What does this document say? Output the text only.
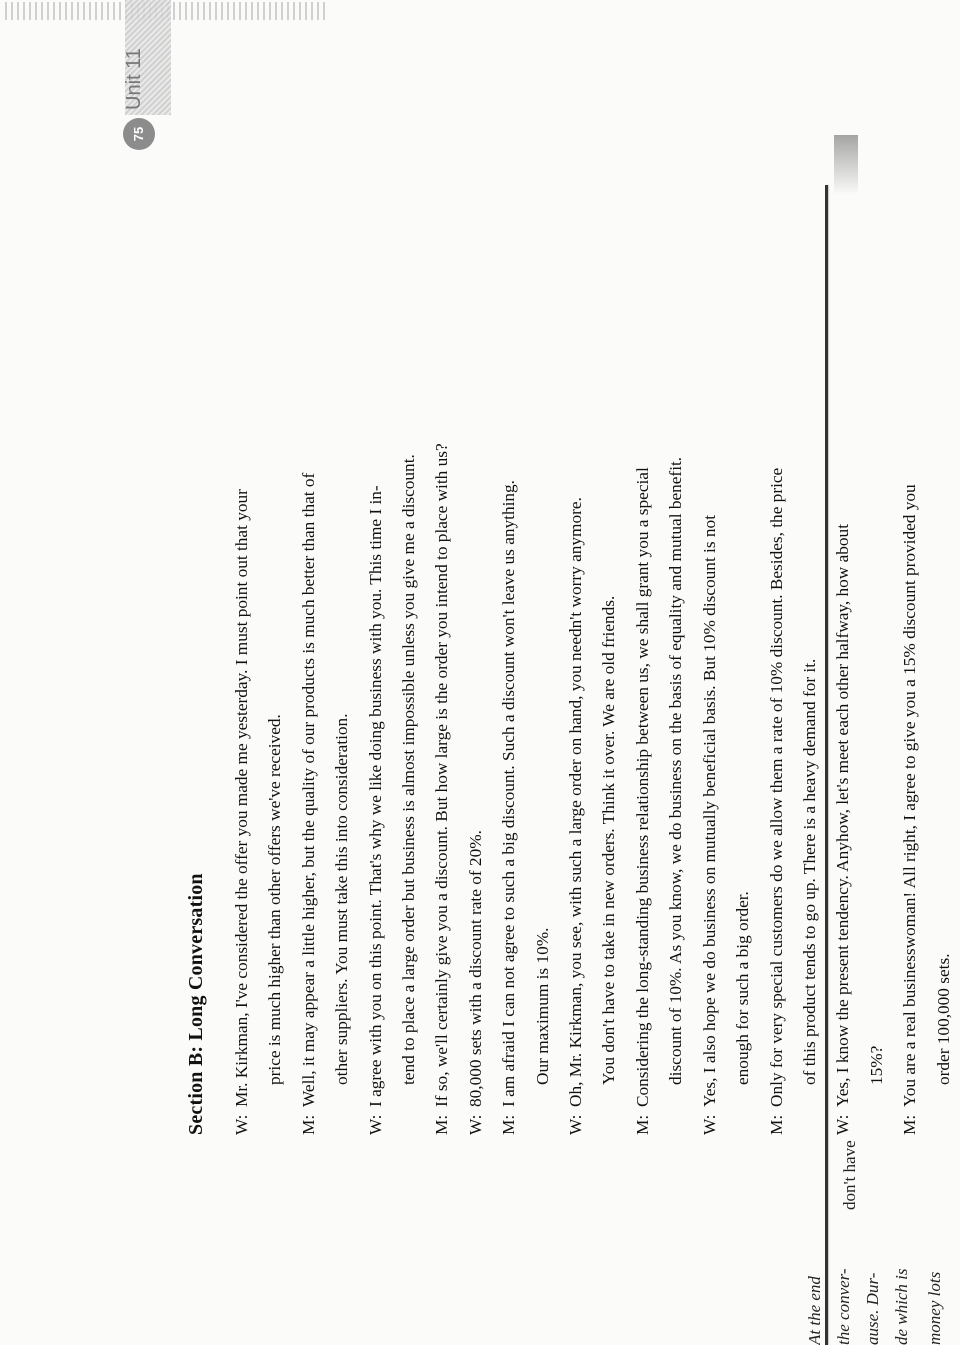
At the end the conver- ause. Dur- de which is
don't have
money lots
Section B: Long Conversation	W:
Mr. Kirkman, I've considered the offer you made me yesterday. I must point out that your price is much higher than other offers we've received.
M:
Well, it may appear a little higher, but the quality of our products is much better than that of other suppliers. You must take this into consideration.
W:
I agree with you on this point. That's why we like doing business with you. This time I in- tend to place a large order but business is almost impossible unless you give me a discount.
M:
If so, we'll certainly give you a discount. But how large is the order you intend to place with us?
W:
80,000 sets with a discount rate of 20%.
M:
I am afraid I can not agree to such a big discount. Such a discount won't leave us anything. Our maximum is 10%.
W:
Oh, Mr. Kirkman, you see, with such a large order on hand, you needn't worry anymore. You don't have to take in new orders. Think it over. We are old friends.
M:
Considering the long-standing business relationship between us, we shall grant you a special discount of 10%. As you know, we do business on the basis of equality and mutual benefit.
W:
Yes, I also hope we do business on mutually beneficial basis. But 10% discount is not enough for such a big order.
M:
Only for very special customers do we allow them a rate of 10% discount. Besides, the price of this product tends to go up. There is a heavy demand for it.
W:
Yes, I know the present tendency. Anyhow, let's meet each other halfway, how about 15%?
M:
You are a real businesswoman! All right, I agree to give you a 15% discount provided you order 100,000 sets.
75
Unit 11
